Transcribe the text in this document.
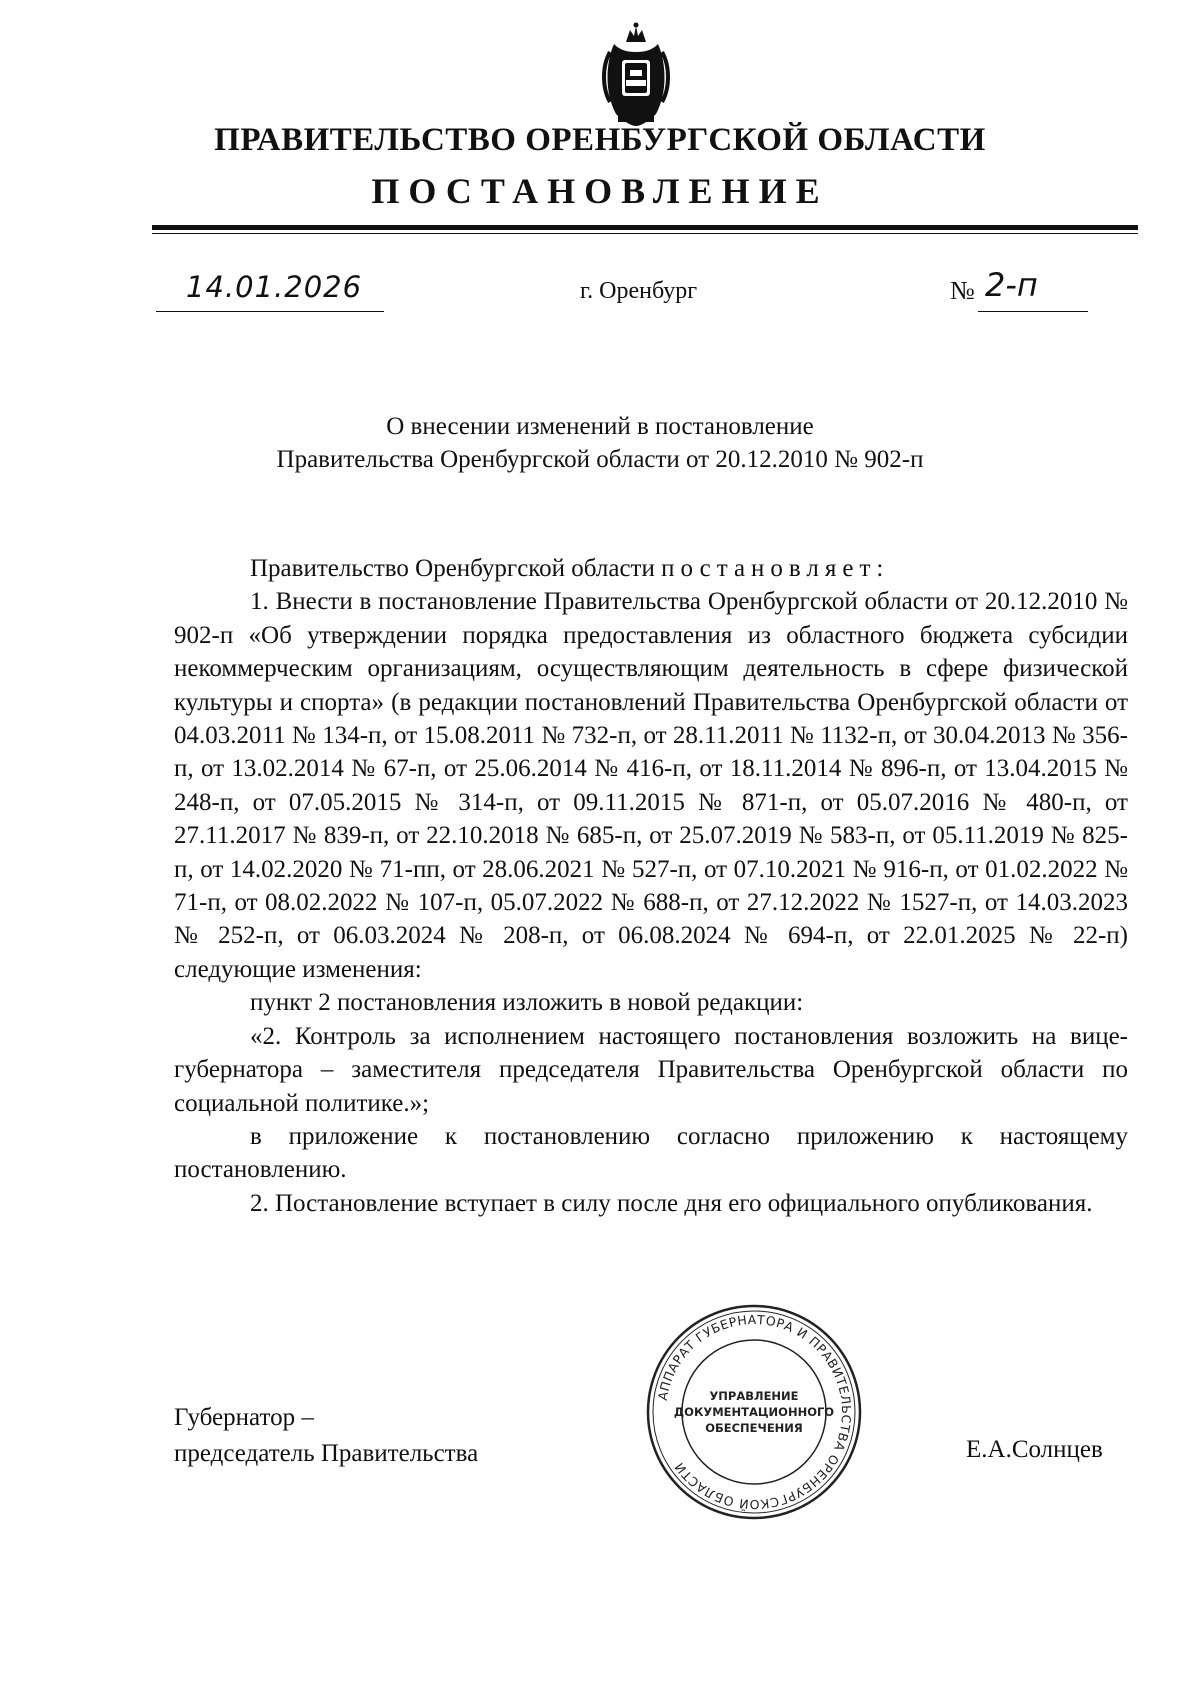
ПРАВИТЕЛЬСТВО ОРЕНБУРГСКОЙ ОБЛАСТИ
ПОСТАНОВЛЕНИЕ
14.01.2026	г. Оренбург	№ 2-п
О внесении изменений в постановление
Правительства Оренбургской области от 20.12.2010 № 902-п

Правительство Оренбургской области постановляет:

1. Внести в постановление Правительства Оренбургской области от 20.12.2010 № 902-п «Об утверждении порядка предоставления из областного бюджета субсидии некоммерческим организациям, осуществляющим деятельность в сфере физической культуры и спорта» (в редакции постановлений Правительства Оренбургской области от 04.03.2011 № 134-п, от 15.08.2011 № 732-п, от 28.11.2011 № 1132-п, от 30.04.2013 № 356-п, от 13.02.2014 № 67-п, от 25.06.2014 № 416-п, от 18.11.2014 № 896-п, от 13.04.2015 № 248-п, от 07.05.2015 № 314-п, от 09.11.2015 № 871-п, от 05.07.2016 № 480-п, от 27.11.2017 № 839-п, от 22.10.2018 № 685-п, от 25.07.2019 № 583-п, от 05.11.2019 № 825-п, от 14.02.2020 № 71-пп, от 28.06.2021 № 527-п, от 07.10.2021 № 916-п, от 01.02.2022 № 71-п, от 08.02.2022 № 107-п, 05.07.2022 № 688-п, от 27.12.2022 № 1527-п, от 14.03.2023 № 252-п, от 06.03.2024 № 208-п, от 06.08.2024 № 694-п, от 22.01.2025 № 22-п) следующие изменения:

пункт 2 постановления изложить в новой редакции:

«2. Контроль за исполнением настоящего постановления возложить на вице-губернатора – заместителя председателя Правительства Оренбургской области по социальной политике.»;

в приложение к постановлению согласно приложению к настоящему постановлению.

2. Постановление вступает в силу после дня его официального опубликования.

Губернатор –
председатель Правительства	Е.А.Солнцев
АППАРАТ ГУБЕРНАТОРА И ПРАВИТЕЛЬСТВА ОРЕНБУРГСКОЙ ОБЛАСТИ
УПРАВЛЕНИЕ
ДОКУМЕНТАЦИОННОГО
ОБЕСПЕЧЕНИЯ
